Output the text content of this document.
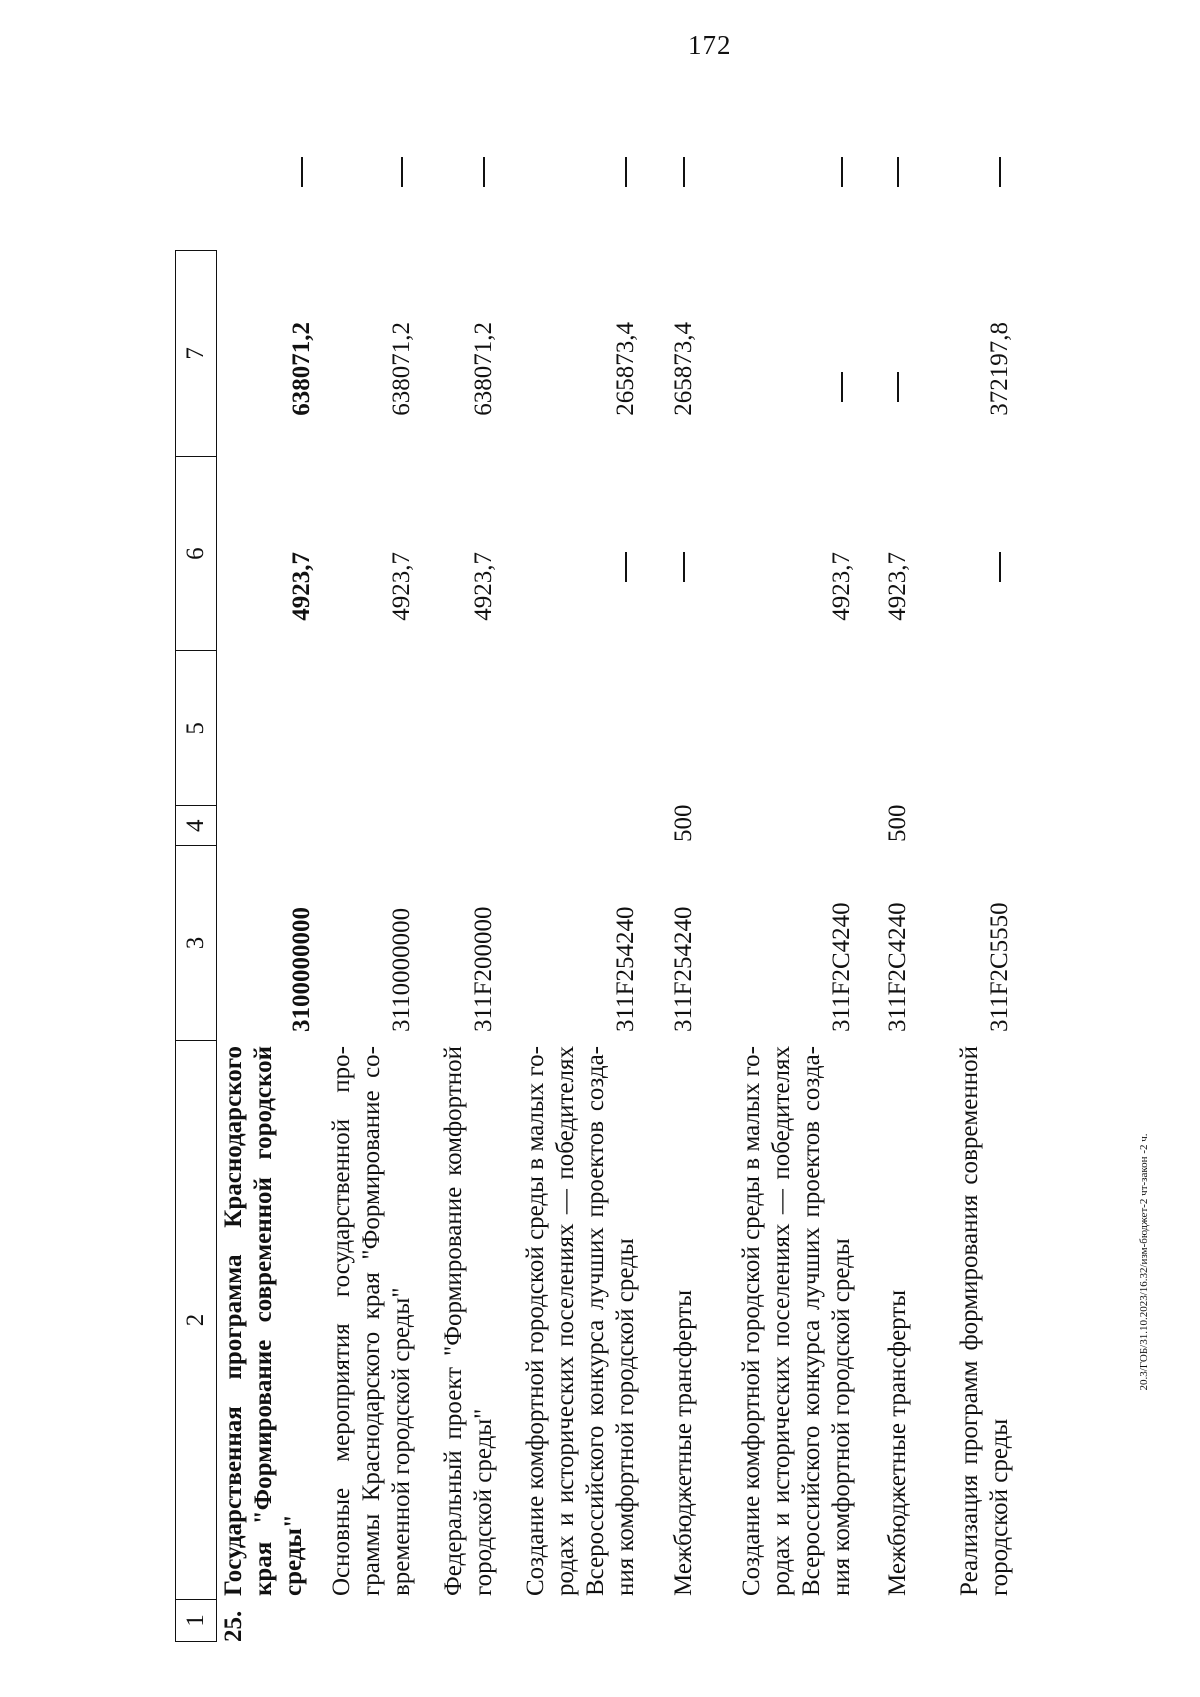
172
20.3/ГОБ/31.10.2023/16.32/изм-бюджет-2 чт-закон -2 ч.
1
2
3
4
5
6
7
25.
Государственная программа Краснодарского края "Формирование современной городской среды"
3100000000
4923,7
638071,2
Основные мероприятия государственной про- граммы Краснодарского края "Формирование со- временной городской среды"
3110000000
4923,7
638071,2
Федеральный проект "Формирование комфортной городской среды"
311F200000
4923,7
638071,2
Создание комфортной городской среды в малых го- родах и исторических поселениях — победителях Всероссийского конкурса лучших проектов созда- ния комфортной городской среды
311F254240
265873,4
Межбюджетные трансферты
311F254240
500
265873,4
Создание комфортной городской среды в малых го- родах и исторических поселениях — победителях Всероссийского конкурса лучших проектов созда- ния комфортной городской среды
311F2C4240
4923,7
Межбюджетные трансферты
311F2C4240
500
4923,7
Реализация программ формирования современной городской среды
311F2C5550
372197,8
